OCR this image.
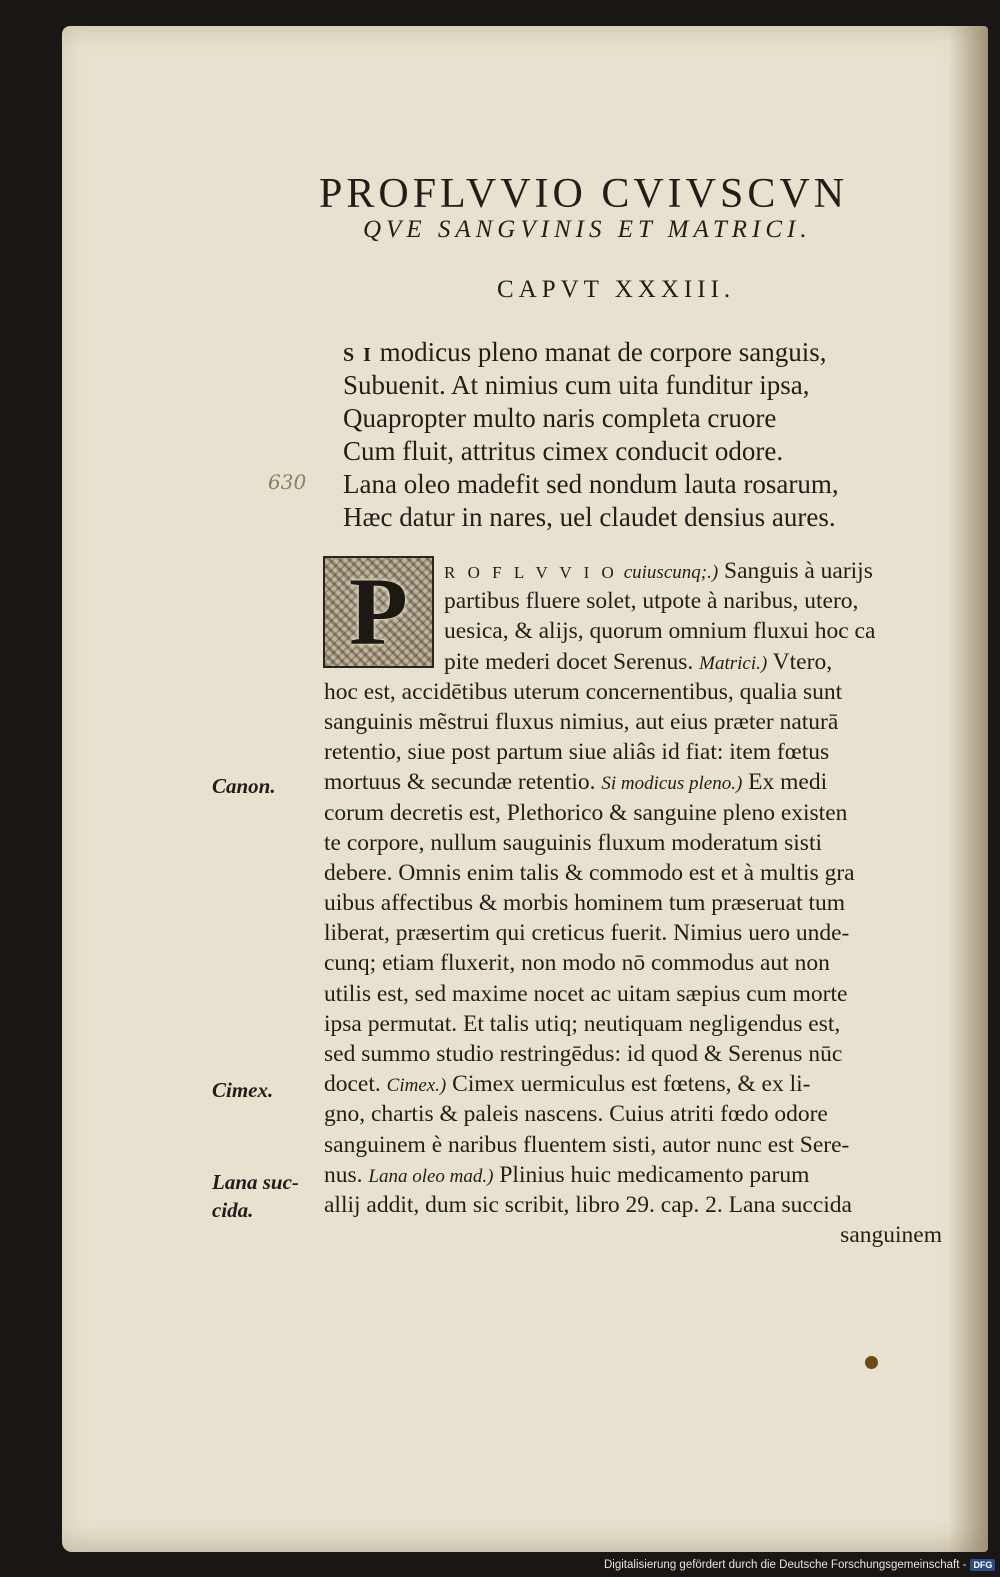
PROFLVVIO CVIVSCVN
QVE SANGVINIS ET MATRICI.
CAPVT XXXIII.
S I modicus pleno manat de corpore sanguis,
Subuenit. At nimius cum uita funditur ipsa,
Quapropter multo naris completa cruore
Cum fluit, attritus cimex conducit odore.
Lana oleo madefit sed nondum lauta rosarum,
Hæc datur in nares, uel claudet densius aures.
630
P	R O F L V V I O cuiuscunq;.) Sanguis à uarijs
partibus fluere solet, utpote à naribus, utero,
uesica, & alijs, quorum omnium fluxui hoc ca
pite mederi docet Serenus. Matrici.) Vtero,
hoc est, accidētibus uterum concernentibus, qualia sunt
sanguinis mẽstrui fluxus nimius, aut eius præter naturā
retentio, siue post partum siue aliâs id fiat: item fœtus
mortuus & secundæ retentio. Si modicus pleno.) Ex medi
corum decretis est, Plethorico & sanguine pleno existen
te corpore, nullum sauguinis fluxum moderatum sisti
debere. Omnis enim talis & commodo est et à multis gra
uibus affectibus & morbis hominem tum præseruat tum
liberat, præsertim qui creticus fuerit. Nimius uero unde-
cunq; etiam fluxerit, non modo nō commodus aut non
utilis est, sed maxime nocet ac uitam sæpius cum morte
ipsa permutat. Et talis utiq; neutiquam negligendus est,
sed summo studio restringēdus: id quod & Serenus nūc
docet. Cimex.) Cimex uermiculus est fœtens, & ex li-
gno, chartis & paleis nascens. Cuius atriti fœdo odore
sanguinem è naribus fluentem sisti, autor nunc est Sere-
nus. Lana oleo mad.) Plinius huic medicamento parum
allij addit, dum sic scribit, libro 29. cap. 2. Lana succida
sanguinem
Canon.
Cimex.
Lana suc-
cida.
Digitalisierung gefördert durch die Deutsche Forschungsgemeinschaft - DFG
